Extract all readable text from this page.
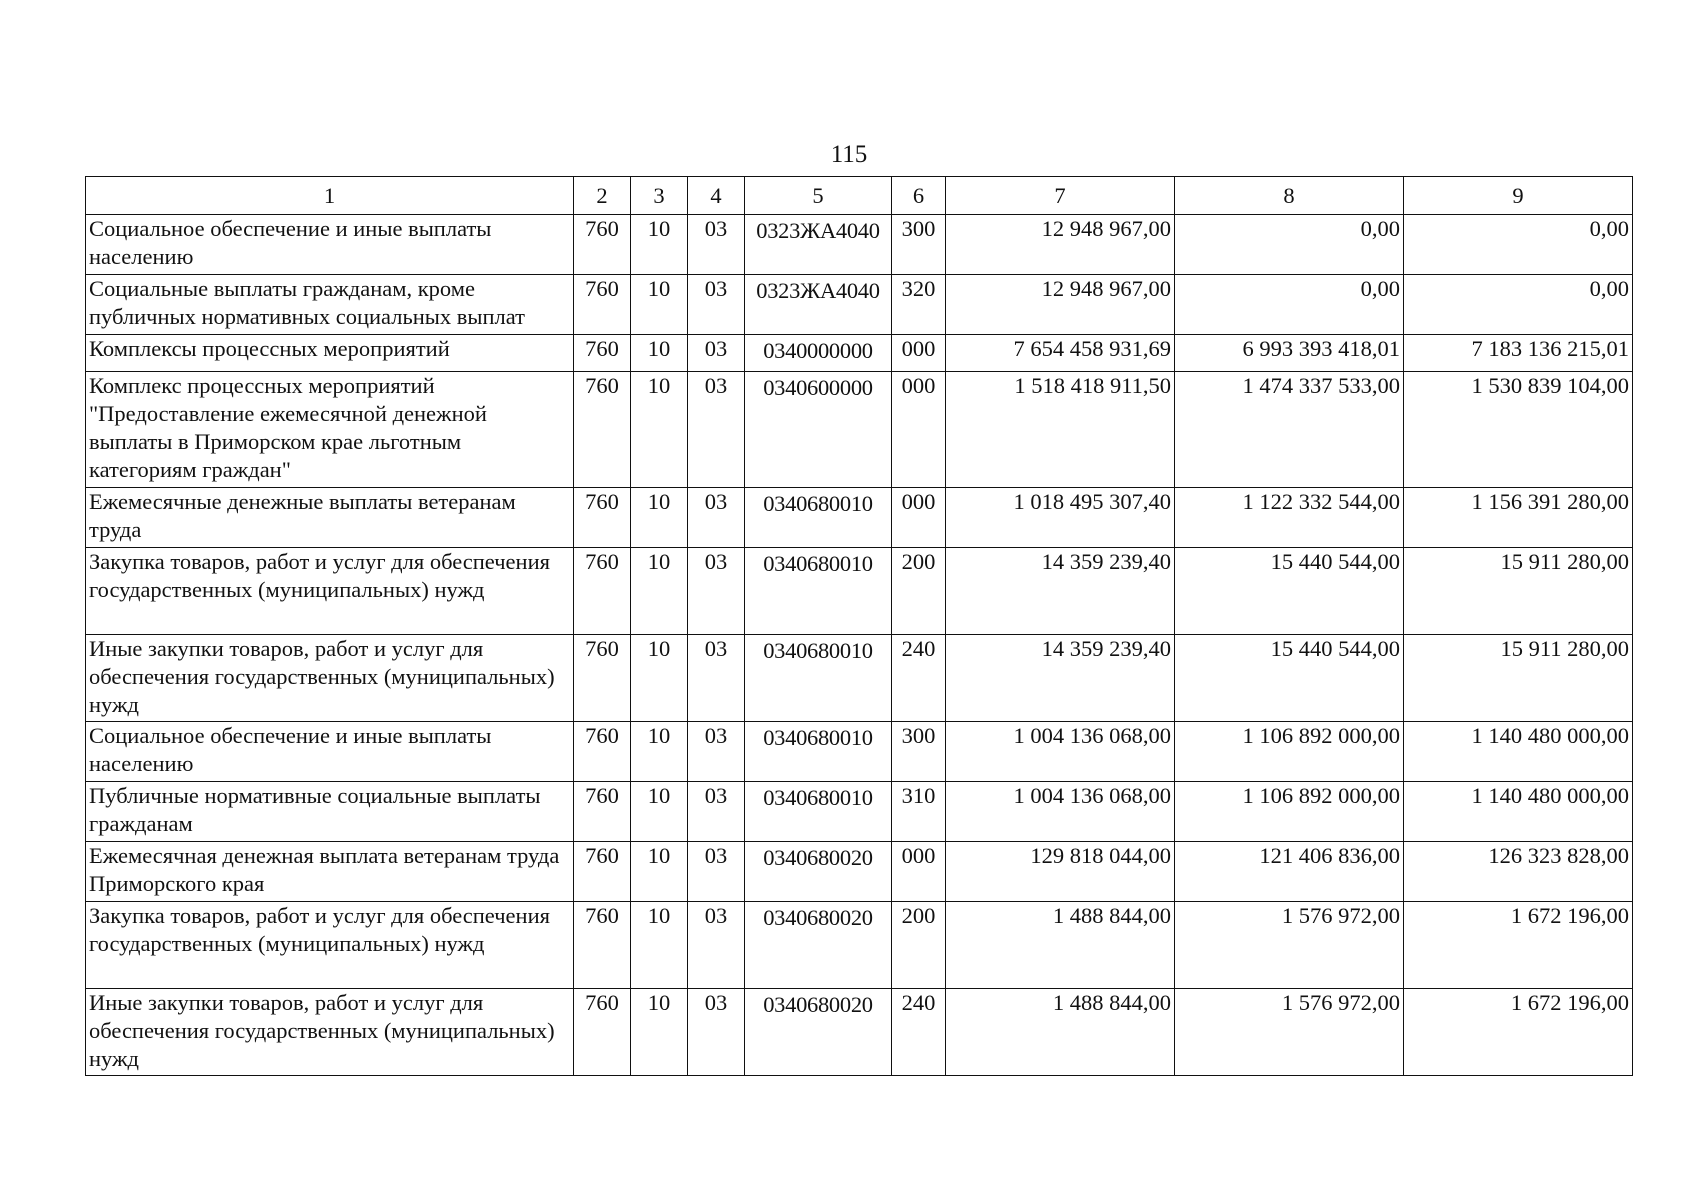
115
1	2	3	4	5	6	7	8	9
Социальное обеспечение и иные выплаты населению	760	10	03	0323ЖА4040	300	12 948 967,00	0,00	0,00
Социальные выплаты гражданам, кроме публичных нормативных социальных выплат	760	10	03	0323ЖА4040	320	12 948 967,00	0,00	0,00
Комплексы процессных мероприятий	760	10	03	0340000000	000	7 654 458 931,69	6 993 393 418,01	7 183 136 215,01
Комплекс процессных мероприятий "Предоставление ежемесячной денежной выплаты в Приморском крае льготным категориям граждан"	760	10	03	0340600000	000	1 518 418 911,50	1 474 337 533,00	1 530 839 104,00
Ежемесячные денежные выплаты ветеранам труда	760	10	03	0340680010	000	1 018 495 307,40	1 122 332 544,00	1 156 391 280,00
Закупка товаров, работ и услуг для обеспечения государственных (муниципальных) нужд	760	10	03	0340680010	200	14 359 239,40	15 440 544,00	15 911 280,00
Иные закупки товаров, работ и услуг для обеспечения государственных (муниципальных) нужд	760	10	03	0340680010	240	14 359 239,40	15 440 544,00	15 911 280,00
Социальное обеспечение и иные выплаты населению	760	10	03	0340680010	300	1 004 136 068,00	1 106 892 000,00	1 140 480 000,00
Публичные нормативные социальные выплаты гражданам	760	10	03	0340680010	310	1 004 136 068,00	1 106 892 000,00	1 140 480 000,00
Ежемесячная денежная выплата ветеранам труда Приморского края	760	10	03	0340680020	000	129 818 044,00	121 406 836,00	126 323 828,00
Закупка товаров, работ и услуг для обеспечения государственных (муниципальных) нужд	760	10	03	0340680020	200	1 488 844,00	1 576 972,00	1 672 196,00
Иные закупки товаров, работ и услуг для обеспечения государственных (муниципальных) нужд	760	10	03	0340680020	240	1 488 844,00	1 576 972,00	1 672 196,00
